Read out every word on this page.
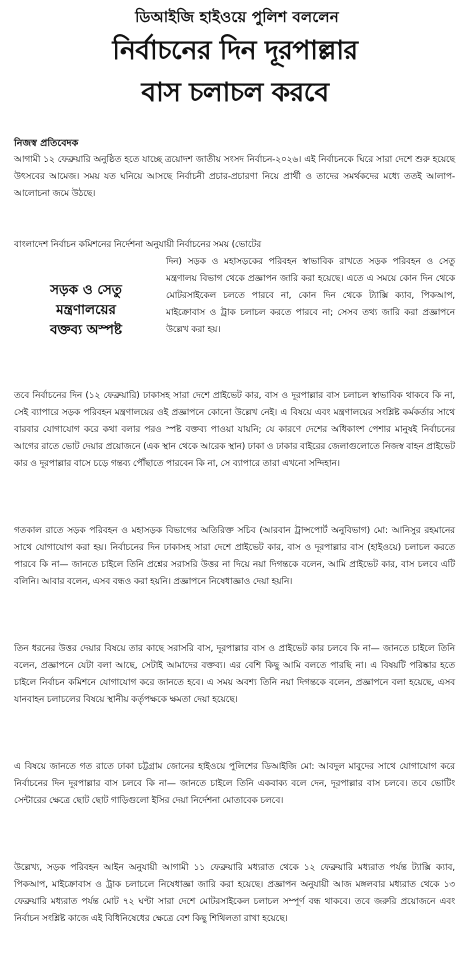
ডিআইজি হাইওয়ে পুলিশ বললেন
নির্বাচনের দিন দূরপাল্লার
বাস চলাচল করবে
নিজস্ব প্রতিবেদক

আগামী ১২ ফেব্রুয়ারি অনুষ্ঠিত হতে যাচ্ছে ত্রয়োদশ জাতীয় সংসদ নির্বাচন-২০২৬। এই নির্বাচনকে ঘিরে সারা দেশে শুরু হয়েছে উৎসবের আমেজ। সময় যত ঘনিয়ে আসছে নির্বাচনী প্রচার-প্রচারণা নিয়ে প্রার্থী ও তাদের সমর্থকদের মধ্যে ততই আলাপ-আলোচনা জমে উঠছে।

বাংলাদেশ নির্বাচন কমিশনের নির্দেশনা অনুযায়ী নির্বাচনের সময় (ভোটের

সড়ক ও সেতু
মন্ত্রণালয়ের
বক্তব্য অস্পষ্ট

দিন) সড়ক ও মহাসড়কের পরিবহন স্বাভাবিক রাখতে সড়ক পরিবহন ও সেতু মন্ত্রণালয় বিভাগ থেকে প্রজ্ঞাপন জারি করা হয়েছে। এতে এ সময়ে কোন দিন থেকে মোটরসাইকেল চলতে পারবে না, কোন দিন থেকে ট্যাক্সি ক্যাব, পিকআপ, মাইক্রোবাস ও ট্রাক চলাচল করতে পারবে না; সেসব তথ্য জারি করা প্রজ্ঞাপনে উল্লেখ করা হয়।

তবে নির্বাচনের দিন (১২ ফেব্রুয়ারি) ঢাকাসহ সারা দেশে প্রাইভেট কার, বাস ও দূরপাল্লার বাস চলাচল স্বাভাবিক থাকবে কি না, সেই ব্যাপারে সড়ক পরিবহন মন্ত্রণালয়ের ওই প্রজ্ঞাপনে কোনো উল্লেখ নেই। এ বিষয়ে এবং মন্ত্রণালয়ের সংশ্লিষ্ট কর্মকর্তার সাথে বারবার যোগাযোগ করে কথা বলার পরও স্পষ্ট বক্তব্য পাওয়া যায়নি; যে কারণে দেশের অধিকাংশ পেশার মানুষই নির্বাচনের আগের রাতে ভোট দেয়ার প্রয়োজনে (এক স্থান থেকে আরেক স্থান) ঢাকা ও ঢাকার বাইরের জেলাগুলোতে নিজস্ব বাহন প্রাইভেট কার ও দূরপাল্লার বাসে চড়ে গন্তব্য পৌঁছাতে পারবেন কি না, সে ব্যাপারে তারা এখনো সন্দিহান।

গতকাল রাতে সড়ক পরিবহন ও মহাসড়ক বিভাগের অতিরিক্ত সচিব (আরবান ট্রান্সপোর্ট অনুবিভাগ) মো: আনিসুর রহমানের সাথে যোগাযোগ করা হয়। নির্বাচনের দিন ঢাকাসহ সারা দেশে প্রাইভেট কার, বাস ও দূরপাল্লার বাস (হাইওয়ে) চলাচল করতে পারবে কি না— জানতে চাইলে তিনি প্রশ্নের সরাসরি উত্তর না দিয়ে নয়া দিগন্তকে বলেন, আমি প্রাইভেট কার, বাস চলবে এটি বলিনি। আবার বলেন, এসব বন্ধও করা হয়নি। প্রজ্ঞাপনে নিষেধাজ্ঞাও দেয়া হয়নি।

তিন ধরনের উত্তর দেয়ার বিষয়ে তার কাছে সরাসরি বাস, দূরপাল্লার বাস ও প্রাইভেট কার চলবে কি না— জানতে চাইলে তিনি বলেন, প্রজ্ঞাপনে যেটা বলা আছে, সেটাই আমাদের বক্তব্য। এর বেশি কিছু আমি বলতে পারছি না। এ বিষয়টি পরিষ্কার হতে চাইলে নির্বাচন কমিশনে যোগাযোগ করে জানতে হবে। এ সময় অবশ্য তিনি নয়া দিগন্তকে বলেন, প্রজ্ঞাপনে বলা হয়েছে, এসব যানবাহন চলাচলের বিষয়ে স্থানীয় কর্তৃপক্ষকে ক্ষমতা দেয়া হয়েছে।

এ বিষয়ে জানতে গত রাতে ঢাকা চট্টগ্রাম জোনের হাইওয়ে পুলিশের ডিআইজি মো: আবদুল মাবুদের সাথে যোগাযোগ করে নির্বাচনের দিন দূরপাল্লার বাস চলবে কি না— জানতে চাইলে তিনি একবাক্য বলে দেন, দূরপাল্লার বাস চলবে। তবে ভোটিং সেন্টারের ক্ষেত্রে ছোট ছোট গাড়িগুলো ইসির দেয়া নির্দেশনা মোতাবেক চলবে।

উল্লেখ্য, সড়ক পরিবহন আইন অনুযায়ী আগামী ১১ ফেব্রুয়ারি মধ্যরাত থেকে ১২ ফেব্রুয়ারি মধ্যরাত পর্যন্ত ট্যাক্সি ক্যাব, পিকআপ, মাইক্রোবাস ও ট্রাক চলাচলে নিষেধাজ্ঞা জারি করা হয়েছে। প্রজ্ঞাপন অনুযায়ী আজ মঙ্গলবার মধ্যরাত থেকে ১৩ ফেব্রুয়ারি মধ্যরাত পর্যন্ত মোট ৭২ ঘণ্টা সারা দেশে মোটরসাইকেল চলাচল সম্পূর্ণ বন্ধ থাকবে। তবে জরুরি প্রয়োজনে এবং নির্বাচন সংশ্লিষ্ট কাজে এই বিধিনিষেধের ক্ষেত্রে বেশ কিছু শিথিলতা রাখা হয়েছে।
